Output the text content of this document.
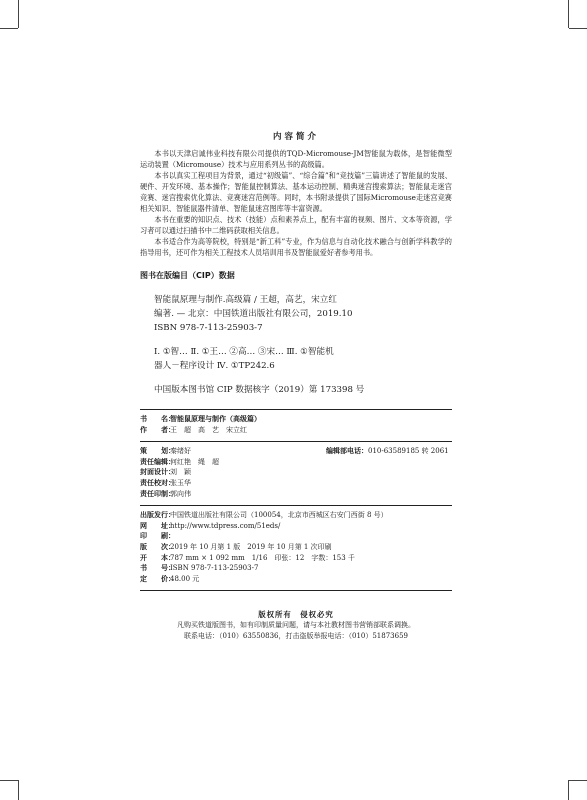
内容简介

本书以天津启诚伟业科技有限公司提供的TQD-Micromouse-JM智能鼠为载体，是智能微型运动装置（Micromouse）技术与应用系列丛书的高级篇。

本书以真实工程项目为背景，通过“初级篇”、“综合篇”和“竞技篇”三篇讲述了智能鼠的发展、硬件、开发环境、基本操作；智能鼠控制算法、基本运动控制、精典迷宫搜索算法；智能鼠走迷宫竞赛、迷宫搜索优化算法、竞赛迷宫范例等。同时，本书附录提供了国际Micromouse走迷宫竞赛相关知识、智能鼠器件清单、智能鼠迷宫图库等丰富资源。

本书在重要的知识点、技术（技能）点和素养点上，配有丰富的视频、图片、文本等资源，学习者可以通过扫描书中二维码获取相关信息。

本书适合作为高等院校，特别是“新工科”专业，作为信息与自动化技术融合与创新学科教学的指导用书，还可作为相关工程技术人员培训用书及智能鼠爱好者参考用书。

图书在版编目（CIP）数据
智能鼠原理与制作.高级篇 / 王超，高艺，宋立红
编著. — 北京：中国铁道出版社有限公司，2019.10
ISBN 978-7-113-25903-7
Ⅰ. ①智… Ⅱ. ①王… ②高… ③宋… Ⅲ. ①智能机
器人－程序设计 Ⅳ. ①TP242.6
中国版本图书馆 CIP 数据核字（2019）第 173398 号
书　　名：
智能鼠原理与制作（高级篇）
作　　者：
王　超　高　艺　宋立红
策　　划：
秦绪好	编辑部电话： 010-63589185 转 2061
责任编辑：
何红艳　绳　超
封面设计：
刘　颖
责任校对：
张玉华
责任印制：
郭向伟
出版发行：
中国铁道出版社有限公司（100054，北京市西城区右安门西街 8 号）
网　　址：
http://www.tdpress.com/51eds/
印　　刷：
版　　次：
2019 年 10 月第 1 版　2019 年 10 月第 1 次印刷
开　　本：
787 mm × 1 092 mm　1/16　印张：12　字数：153 千
书　　号：
ISBN 978-7-113-25903-7
定　　价：
48.00 元
版权所有　侵权必究
凡购买铁道版图书，如有印制质量问题，请与本社教材图书营销部联系调换。
联系电话：（010）63550836，打击盗版举报电话：（010）51873659
